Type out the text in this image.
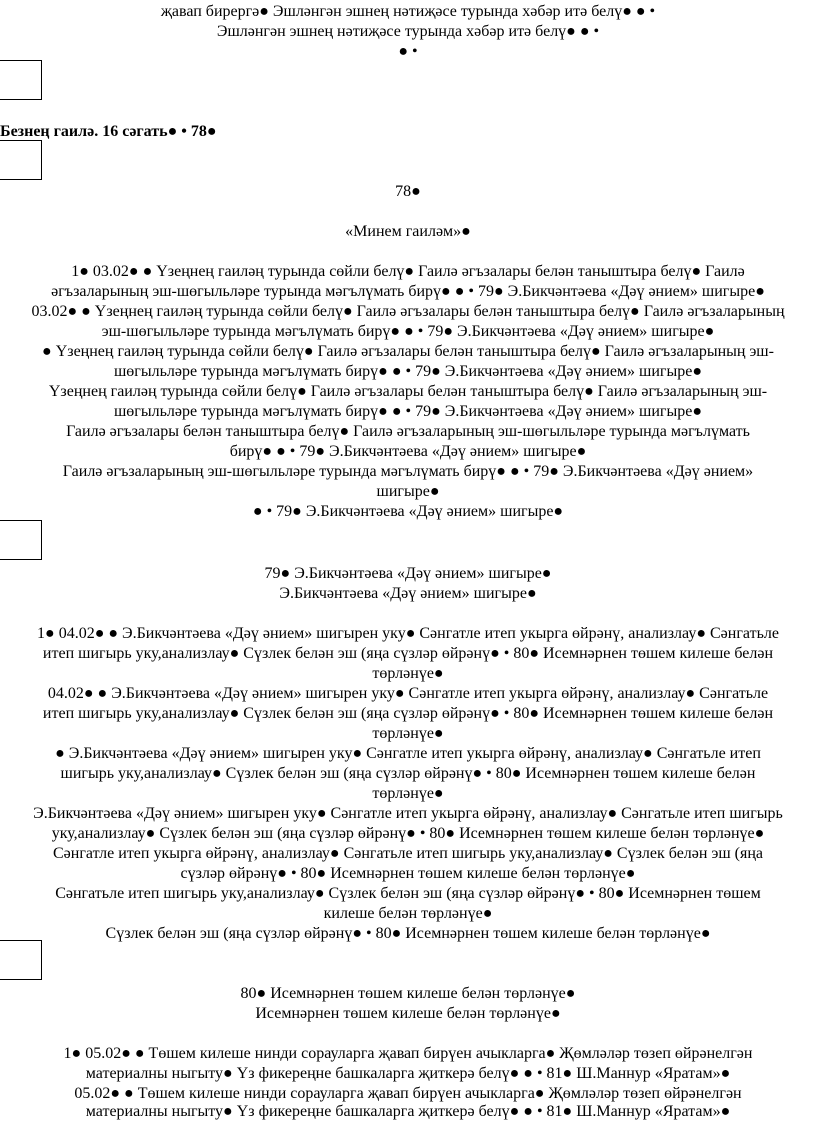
җавап бирергә● Эшләнгән эшнең нәтиҗәсе турында хәбәр итә белү● ● •
Эшләнгән эшнең нәтиҗәсе турында хәбәр итә белү● ● •
● •
Безнең гаилә. 16 сәгать● • 78●
78●
«Минем гаиләм»●
1● 03.02● ● Үзеңнең гаиләң турында сөйли белү● Гаилә әгъзалары белән таныштыра белү● Гаилә
әгъзаларының эш-шөгыльләре турында мәгълүмать бирү● ● • 79● Э.Бикчәнтәева «Дәү әнием» шигыре●
03.02● ● Үзеңнең гаиләң турында сөйли белү● Гаилә әгъзалары белән таныштыра белү● Гаилә әгъзаларының
эш-шөгыльләре турында мәгълүмать бирү● ● • 79● Э.Бикчәнтәева «Дәү әнием» шигыре●
● Үзеңнең гаиләң турында сөйли белү● Гаилә әгъзалары белән таныштыра белү● Гаилә әгъзаларының эш-
шөгыльләре турында мәгълүмать бирү● ● • 79● Э.Бикчәнтәева «Дәү әнием» шигыре●
Үзеңнең гаиләң турында сөйли белү● Гаилә әгъзалары белән таныштыра белү● Гаилә әгъзаларының эш-
шөгыльләре турында мәгълүмать бирү● ● • 79● Э.Бикчәнтәева «Дәү әнием» шигыре●
Гаилә әгъзалары белән таныштыра белү● Гаилә әгъзаларының эш-шөгыльләре турында мәгълүмать
бирү● ● • 79● Э.Бикчәнтәева «Дәү әнием» шигыре●
Гаилә әгъзаларының эш-шөгыльләре турында мәгълүмать бирү● ● • 79● Э.Бикчәнтәева «Дәү әнием»
шигыре●
● • 79● Э.Бикчәнтәева «Дәү әнием» шигыре●
79● Э.Бикчәнтәева «Дәү әнием» шигыре●
Э.Бикчәнтәева «Дәү әнием» шигыре●
1● 04.02● ● Э.Бикчәнтәева «Дәү әнием» шигырен уку● Сәнгатле итеп укырга өйрәнү, анализлау● Сәнгатьле
итеп шигырь уку,анализлау● Сүзлек белән эш (яңа сүзләр өйрәнү● • 80● Исемнәрнен төшем килеше белән
төрләнүе●
04.02● ● Э.Бикчәнтәева «Дәү әнием» шигырен уку● Сәнгатле итеп укырга өйрәнү, анализлау● Сәнгатьле
итеп шигырь уку,анализлау● Сүзлек белән эш (яңа сүзләр өйрәнү● • 80● Исемнәрнен төшем килеше белән
төрләнүе●
● Э.Бикчәнтәева «Дәү әнием» шигырен уку● Сәнгатле итеп укырга өйрәнү, анализлау● Сәнгатьле итеп
шигырь уку,анализлау● Сүзлек белән эш (яңа сүзләр өйрәнү● • 80● Исемнәрнен төшем килеше белән
төрләнүе●
Э.Бикчәнтәева «Дәү әнием» шигырен уку● Сәнгатле итеп укырга өйрәнү, анализлау● Сәнгатьле итеп шигырь
уку,анализлау● Сүзлек белән эш (яңа сүзләр өйрәнү● • 80● Исемнәрнен төшем килеше белән төрләнүе●
Сәнгатле итеп укырга өйрәнү, анализлау● Сәнгатьле итеп шигырь уку,анализлау● Сүзлек белән эш (яңа
сүзләр өйрәнү● • 80● Исемнәрнен төшем килеше белән төрләнүе●
Сәнгатьле итеп шигырь уку,анализлау● Сүзлек белән эш (яңа сүзләр өйрәнү● • 80● Исемнәрнен төшем
килеше белән төрләнүе●
Сүзлек белән эш (яңа сүзләр өйрәнү● • 80● Исемнәрнен төшем килеше белән төрләнүе●
80● Исемнәрнен төшем килеше белән төрләнүе●
Исемнәрнен төшем килеше белән төрләнүе●
1● 05.02● ● Төшем килеше нинди сорауларга җавап бирүен ачыкларга● Җөмләләр төзеп өйрәнелгән
материалны ныгыту● Үз фикереңне башкаларга җиткерә белү● ● • 81● Ш.Маннур «Яратам»●
05.02● ● Төшем килеше нинди сорауларга җавап бирүен ачыкларга● Җөмләләр төзеп өйрәнелгән
материалны ныгыту● Үз фикереңне башкаларга җиткерә белү● ● • 81● Ш.Маннур «Яратам»●
